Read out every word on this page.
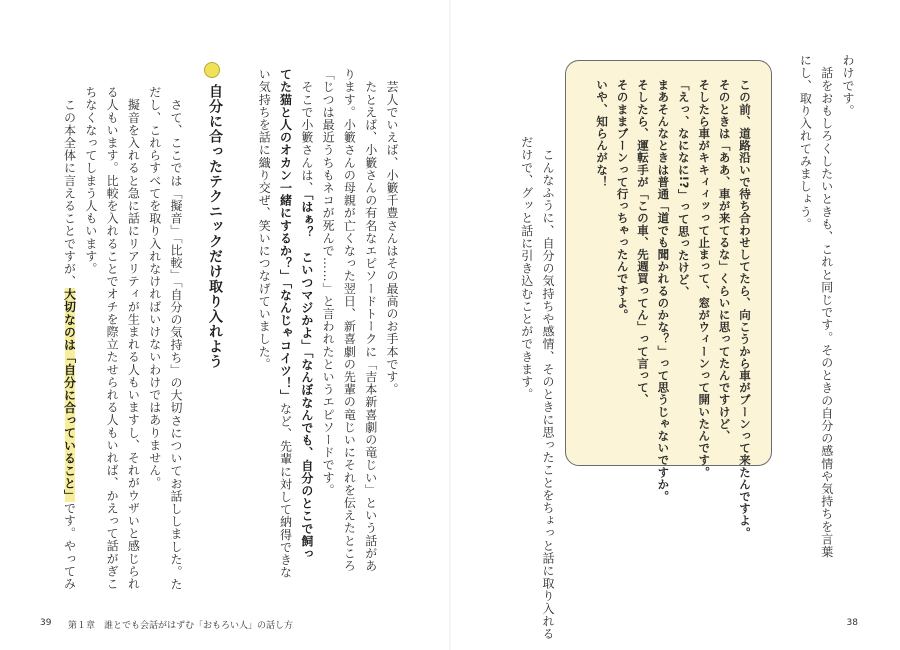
　芸人でいえば、小籔千豊さんはその最高のお手本です。
　たとえば、小籔さんの有名なエピソードトークに「吉本新喜劇の竜じい」という話があ
ります。小籔さんの母親が亡くなった翌日、新喜劇の先輩の竜じいにそれを伝えたところ
「じつは最近うちもネコが死んで……」と言われたというエピソードです。
　そこで小籔さんは、「はぁ？　こいつマジかよ」「なんぼなんでも、自分のとこで飼っ
てた猫と人のオカン一緒にするか？」「なんじゃコイツ！」など、先輩に対して納得できな
い気持ちを話に織り交ぜ、笑いにつなげていました。
自分に合ったテクニックだけ取り入れよう
　さて、ここでは「擬音」「比較」「自分の気持ち」の大切さについてお話ししました。た
だし、これらすべてを取り入れなければいけないわけではありません。
　擬音を入れると急に話にリアリティが生まれる人もいますし、それがウザいと感じられ
る人もいます。比較を入れることでオチを際立たせられる人もいれば、かえって話がぎこ
ちなくなってしまう人もいます。
　この本全体に言えることですが、大切なのは「自分に合っていること」です。やってみ
39 第１章　誰とでも会話がはずむ「おもろい人」の話し方
わけです。
　話をおもしろくしたいときも、これと同じです。そのときの自分の感情や気持ちを言葉
にし、取り入れてみましょう。
この前、道路沿いで待ち合わせしてたら、向こうから車がブーンって来たんですよ。
そのときは「ああ、車が来てるな」くらいに思ってたんですけど、
そしたら車がキキィィッって止まって、窓がウィーンって開いたんです。
「えっ、なになに!?」って思ったけど、
まあそんなときは普通「道でも聞かれるのかな？」って思うじゃないですか。
そしたら、運転手が「この車、先週買ってん」って言って、
そのままブーンって行っちゃったんですよ。
いや、知らんがな！
　こんなふうに、自分の気持ちや感情、そのときに思ったことをちょっと話に取り入れる
だけで、グッと話に引き込むことができます。
38
